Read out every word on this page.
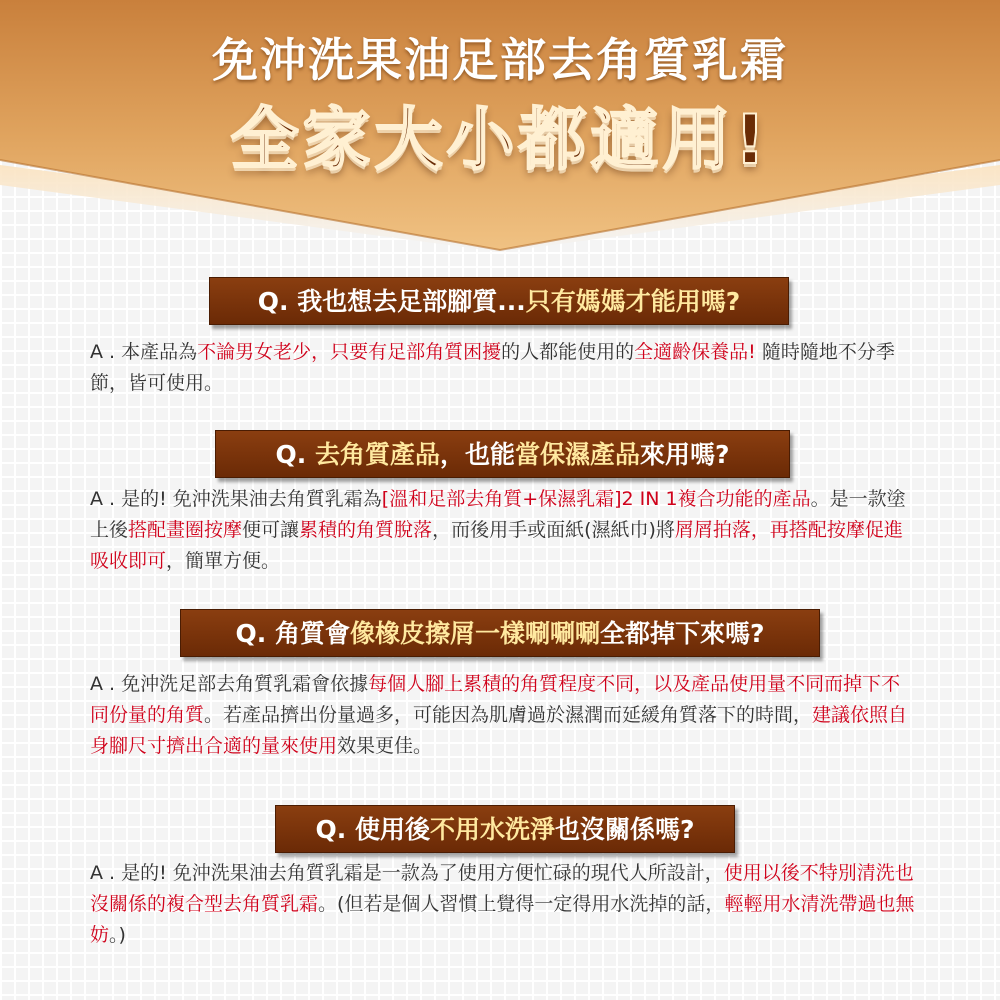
免沖洗果油足部去角質乳霜
全家大小都適用!
Q. 我也想去足部腳質...只有媽媽才能用嗎?

A . 本產品為不論男女老少，只要有足部角質困擾的人都能使用的全適齡保養品! 隨時隨地不分季節，皆可使用。

Q. 去角質產品，也能當保濕產品來用嗎?

A . 是的! 免沖洗果油去角質乳霜為[溫和足部去角質+保濕乳霜]2 IN 1複合功能的產品。是一款塗上後搭配畫圈按摩便可讓累積的角質脫落，而後用手或面紙(濕紙巾)將屑屑拍落，再搭配按摩促進吸收即可，簡單方便。

Q. 角質會像橡皮擦屑一樣唰唰唰全都掉下來嗎?

A . 免沖洗足部去角質乳霜會依據每個人腳上累積的角質程度不同，以及產品使用量不同而掉下不同份量的角質。若產品擠出份量過多，可能因為肌膚過於濕潤而延緩角質落下的時間，建議依照自身腳尺寸擠出合適的量來使用效果更佳。

Q. 使用後不用水洗淨也沒關係嗎?

A . 是的! 免沖洗果油去角質乳霜是一款為了使用方便忙碌的現代人所設計，使用以後不特別清洗也沒關係的複合型去角質乳霜。(但若是個人習慣上覺得一定得用水洗掉的話，輕輕用水清洗帶過也無妨。)
